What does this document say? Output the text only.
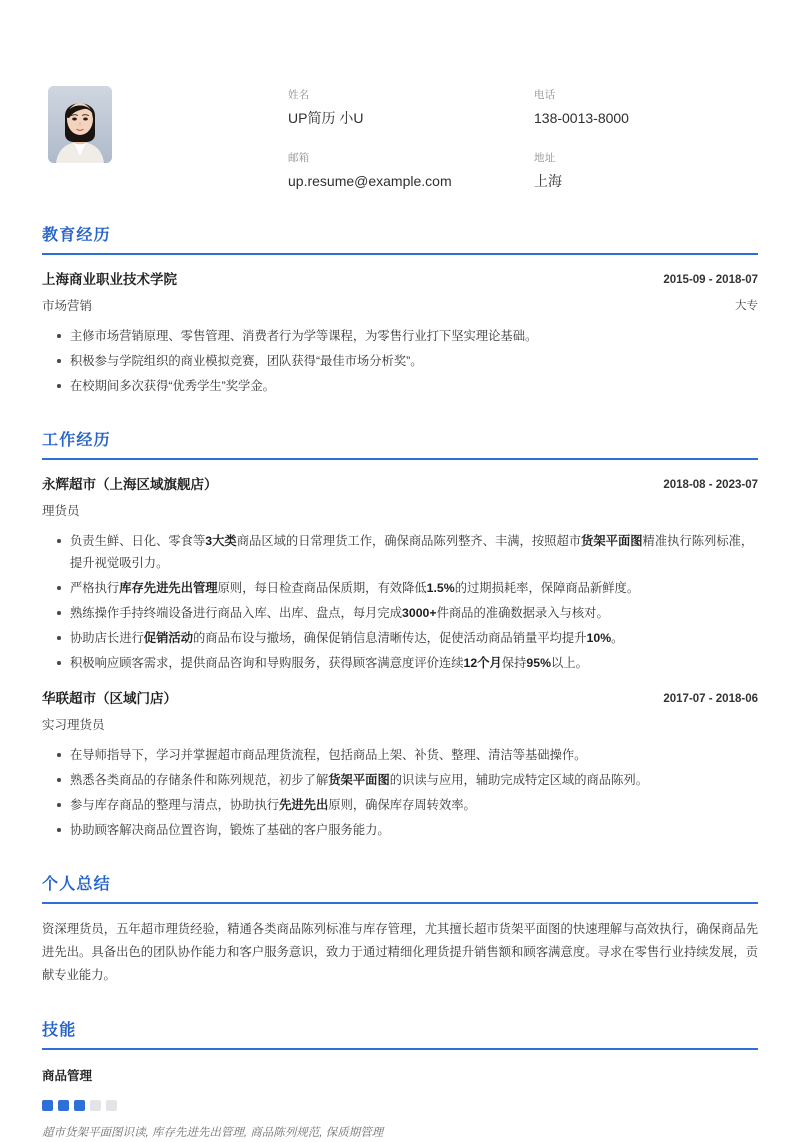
姓名
UP简历 小U
电话
138-0013-8000
邮箱
up.resume@example.com
地址
上海
教育经历
上海商业职业技术学院
市场营销
2015-09 - 2018-07
大专
主修市场营销原理、零售管理、消费者行为学等课程，为零售行业打下坚实理论基础。
积极参与学院组织的商业模拟竞赛，团队获得“最佳市场分析奖”。
在校期间多次获得“优秀学生”奖学金。
工作经历
永辉超市（上海区域旗舰店）
理货员
2018-08 - 2023-07
负责生鲜、日化、零食等3大类商品区域的日常理货工作，确保商品陈列整齐、丰满，按照超市货架平面图精准执行陈列标准，提升视觉吸引力。
严格执行库存先进先出管理原则，每日检查商品保质期，有效降低1.5%的过期损耗率，保障商品新鲜度。
熟练操作手持终端设备进行商品入库、出库、盘点，每月完成3000+件商品的准确数据录入与核对。
协助店长进行促销活动的商品布设与撤场，确保促销信息清晰传达，促使活动商品销量平均提升10%。
积极响应顾客需求，提供商品咨询和导购服务，获得顾客满意度评价连续12个月保持95%以上。
华联超市（区域门店）
实习理货员
2017-07 - 2018-06
在导师指导下，学习并掌握超市商品理货流程，包括商品上架、补货、整理、清洁等基础操作。
熟悉各类商品的存储条件和陈列规范，初步了解货架平面图的识读与应用，辅助完成特定区域的商品陈列。
参与库存商品的整理与清点，协助执行先进先出原则，确保库存周转效率。
协助顾客解决商品位置咨询，锻炼了基础的客户服务能力。
个人总结
资深理货员，五年超市理货经验，精通各类商品陈列标准与库存管理，尤其擅长超市货架平面图的快速理解与高效执行，确保商品先进先出。具备出色的团队协作能力和客户服务意识，致力于通过精细化理货提升销售额和顾客满意度。寻求在零售行业持续发展，贡献专业能力。
技能
商品管理
超市货架平面图识读, 库存先进先出管理, 商品陈列规范, 保质期管理
